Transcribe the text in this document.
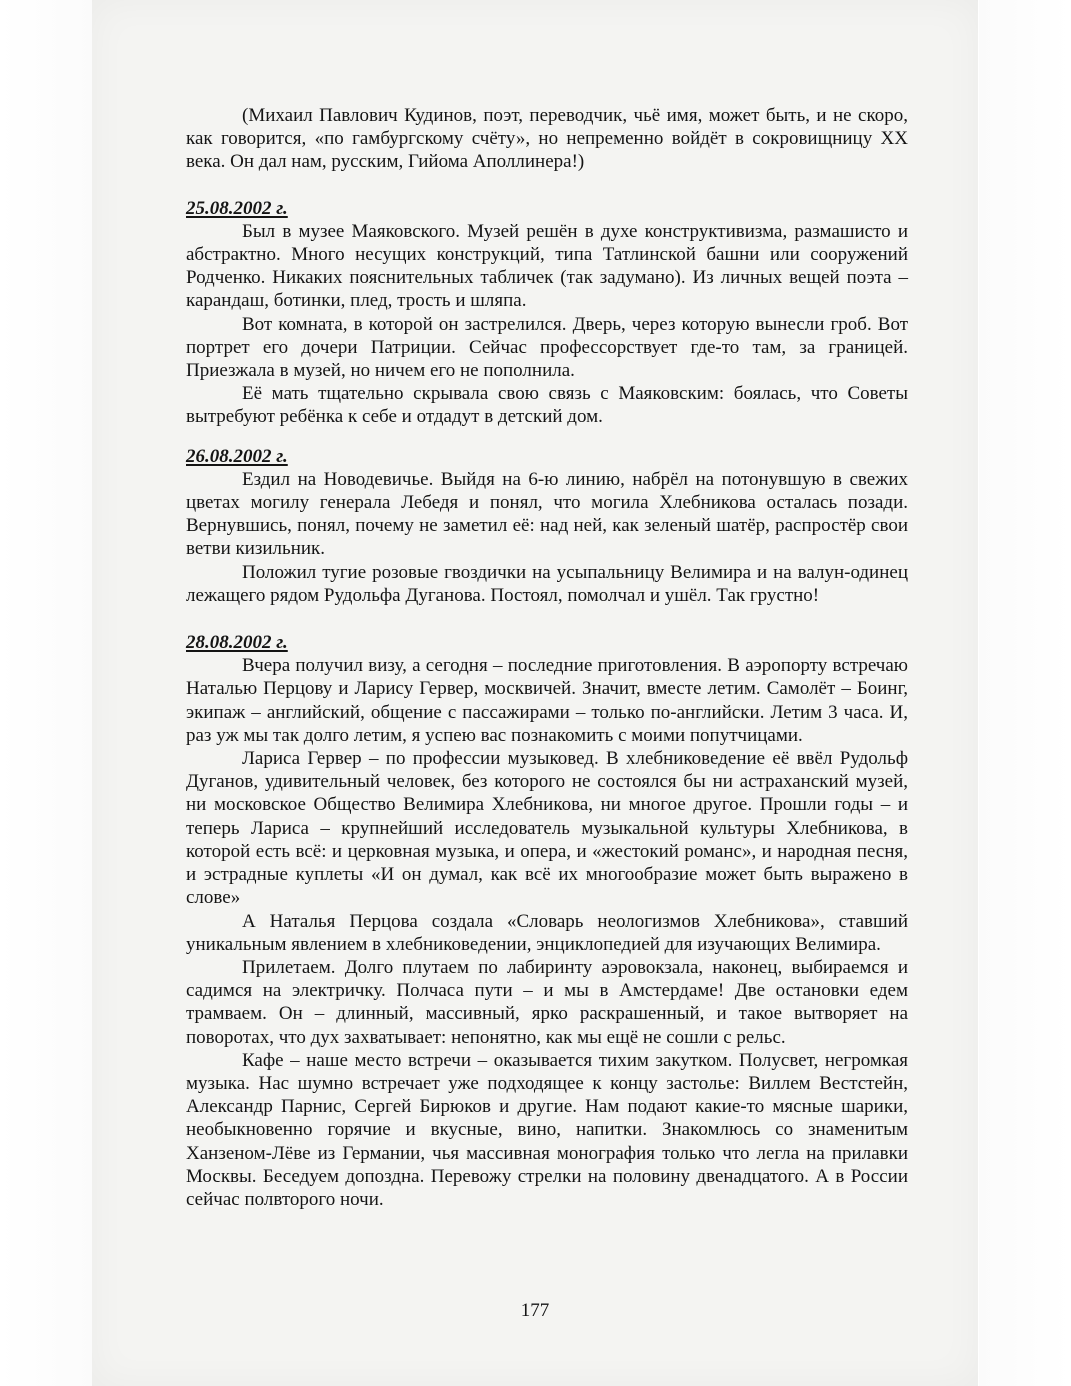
(Михаил Павлович Кудинов, поэт, переводчик, чьё имя, может быть, и не скоро, как говорится, «по гамбургскому счёту», но непременно войдёт в сокровищницу XX века. Он дал нам, русским, Гийома Аполлинера!)

25.08.2002 г.

Был в музее Маяковского. Музей решён в духе конструктивизма, размашисто и абстрактно. Много несущих конструкций, типа Татлинской башни или сооружений Родченко. Никаких пояснительных табличек (так задумано). Из личных вещей поэта – карандаш, ботинки, плед, трость и шляпа.

Вот комната, в которой он застрелился. Дверь, через которую вынесли гроб. Вот портрет его дочери Патриции. Сейчас профессорствует где-то там, за границей. Приезжала в музей, но ничем его не пополнила.

Её мать тщательно скрывала свою связь с Маяковским: боялась, что Советы вытребуют ребёнка к себе и отдадут в детский дом.

26.08.2002 г.

Ездил на Новодевичье. Выйдя на 6-ю линию, набрёл на потонувшую в свежих цветах могилу генерала Лебедя и понял, что могила Хлебникова осталась позади. Вернувшись, понял, почему не заметил её: над ней, как зеленый шатёр, распростёр свои ветви кизильник.

Положил тугие розовые гвоздички на усыпальницу Велимира и на валун-одинец лежащего рядом Рудольфа Дуганова. Постоял, помолчал и ушёл. Так грустно!

28.08.2002 г.

Вчера получил визу, а сегодня – последние приготовления. В аэропорту встречаю Наталью Перцову и Ларису Гервер, москвичей. Значит, вместе летим. Самолёт – Боинг, экипаж – английский, общение с пассажирами – только по-английски. Летим 3 часа. И, раз уж мы так долго летим, я успею вас познакомить с моими попутчицами.

Лариса Гервер – по профессии музыковед. В хлебниковедение её ввёл Рудольф Дуганов, удивительный человек, без которого не состоялся бы ни астраханский музей, ни московское Общество Велимира Хлебникова, ни многое другое. Прошли годы – и теперь Лариса – крупнейший исследователь музыкальной культуры Хлебникова, в которой есть всё: и церковная музыка, и опера, и «жестокий романс», и народная песня, и эстрадные куплеты «И он думал, как всё их многообразие может быть выражено в слове»

А Наталья Перцова создала «Словарь неологизмов Хлебникова», ставший уникальным явлением в хлебниковедении, энциклопедией для изучающих Велимира.

Прилетаем. Долго плутаем по лабиринту аэровокзала, наконец, выбираемся и садимся на электричку. Полчаса пути – и мы в Амстердаме! Две остановки едем трамваем. Он – длинный, массивный, ярко раскрашенный, и такое вытворяет на поворотах, что дух захватывает: непонятно, как мы ещё не сошли с рельс.

Кафе – наше место встречи – оказывается тихим закутком. Полусвет, негромкая музыка. Нас шумно встречает уже подходящее к концу застолье: Виллем Вестстейн, Александр Парнис, Сергей Бирюков и другие. Нам подают какие-то мясные шарики, необыкновенно горячие и вкусные, вино, напитки. Знакомлюсь со знаменитым Ханзеном-Лёве из Германии, чья массивная монография только что легла на прилавки Москвы. Беседуем допоздна. Перевожу стрелки на половину двенадцатого. А в России сейчас полвторого ночи.

177
